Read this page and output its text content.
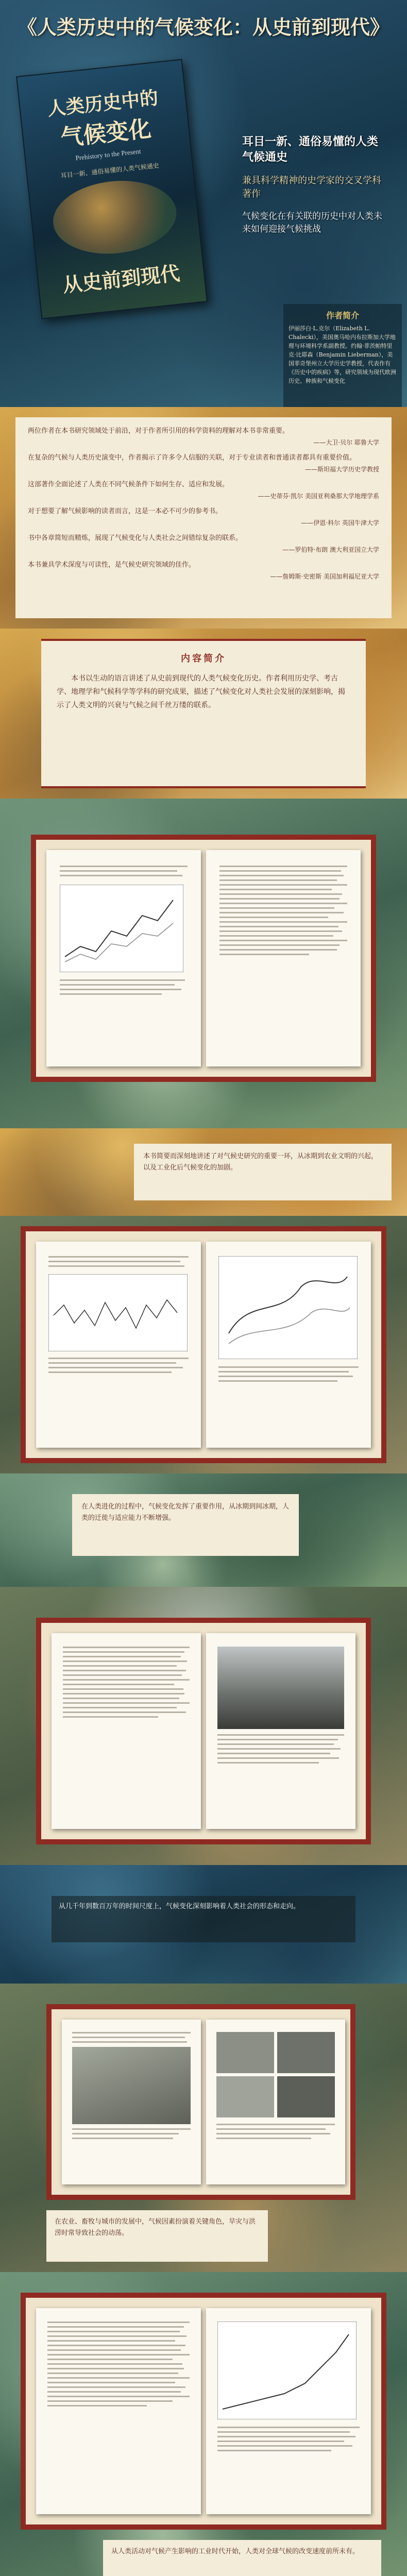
《人类历史中的气候变化：从史前到现代》
人类历史中的
气候变化
Prehistory to the Present
耳目一新、通俗易懂的人类气候通史
从史前到现代
耳目一新、通俗易懂的人类气候通史
兼具科学精神的史学家的交叉学科著作
气候变化在有关联的历史中对人类未来如何迎接气候挑战
作者简介
伊丽莎白·L.克尔（Elizabeth L. Chalecki），美国奥马哈内布拉斯加大学地理与环境科学系副教授。约翰·菲茨帕特里克·比耶森（Benjamin Lieberman），美国菲奇堡州立大学历史学教授，代表作有《历史中的疾病》等，研究领域为现代欧洲历史、种族和气候变化
两位作者在本书研究领域处于前沿，对于作者所引用的科学资料的理解对本书非常重要。
——大卫·贝尔 耶鲁大学
在复杂的气候与人类历史演变中，作者揭示了许多令人信服的关联，对于专业读者和普通读者都具有重要价值。
——斯坦福大学历史学教授
这部著作全面论述了人类在不同气候条件下如何生存、适应和发展。
——史蒂芬·凯尔 美国亚利桑那大学地理学系
对于想要了解气候影响的读者而言，这是一本必不可少的参考书。
——伊恩·科尔 英国牛津大学
书中各章简短而精炼，展现了气候变化与人类社会之间错综复杂的联系。
——罗伯特·布朗 澳大利亚国立大学
本书兼具学术深度与可读性，是气候史研究领域的佳作。
——詹姆斯·史密斯 美国加利福尼亚大学
内容简介
本书以生动的语言讲述了从史前到现代的人类气候变化历史。作者利用历史学、考古学、地理学和气候科学等学科的研究成果，描述了气候变化对人类社会发展的深刻影响，揭示了人类文明的兴衰与气候之间千丝万缕的联系。
本书简要而深刻地讲述了对气候史研究的重要一环，从冰期到农业文明的兴起，以及工业化后气候变化的加剧。
在人类进化的过程中，气候变化发挥了重要作用，从冰期到间冰期，人类的迁徙与适应能力不断增强。
从几千年到数百万年的时间尺度上，气候变化深刻影响着人类社会的形态和走向。
在农业、畜牧与城市的发展中，气候因素扮演着关键角色，旱灾与洪涝时常导致社会的动荡。
从人类活动对气候产生影响的工业时代开始，人类对全球气候的改变速度前所未有。
